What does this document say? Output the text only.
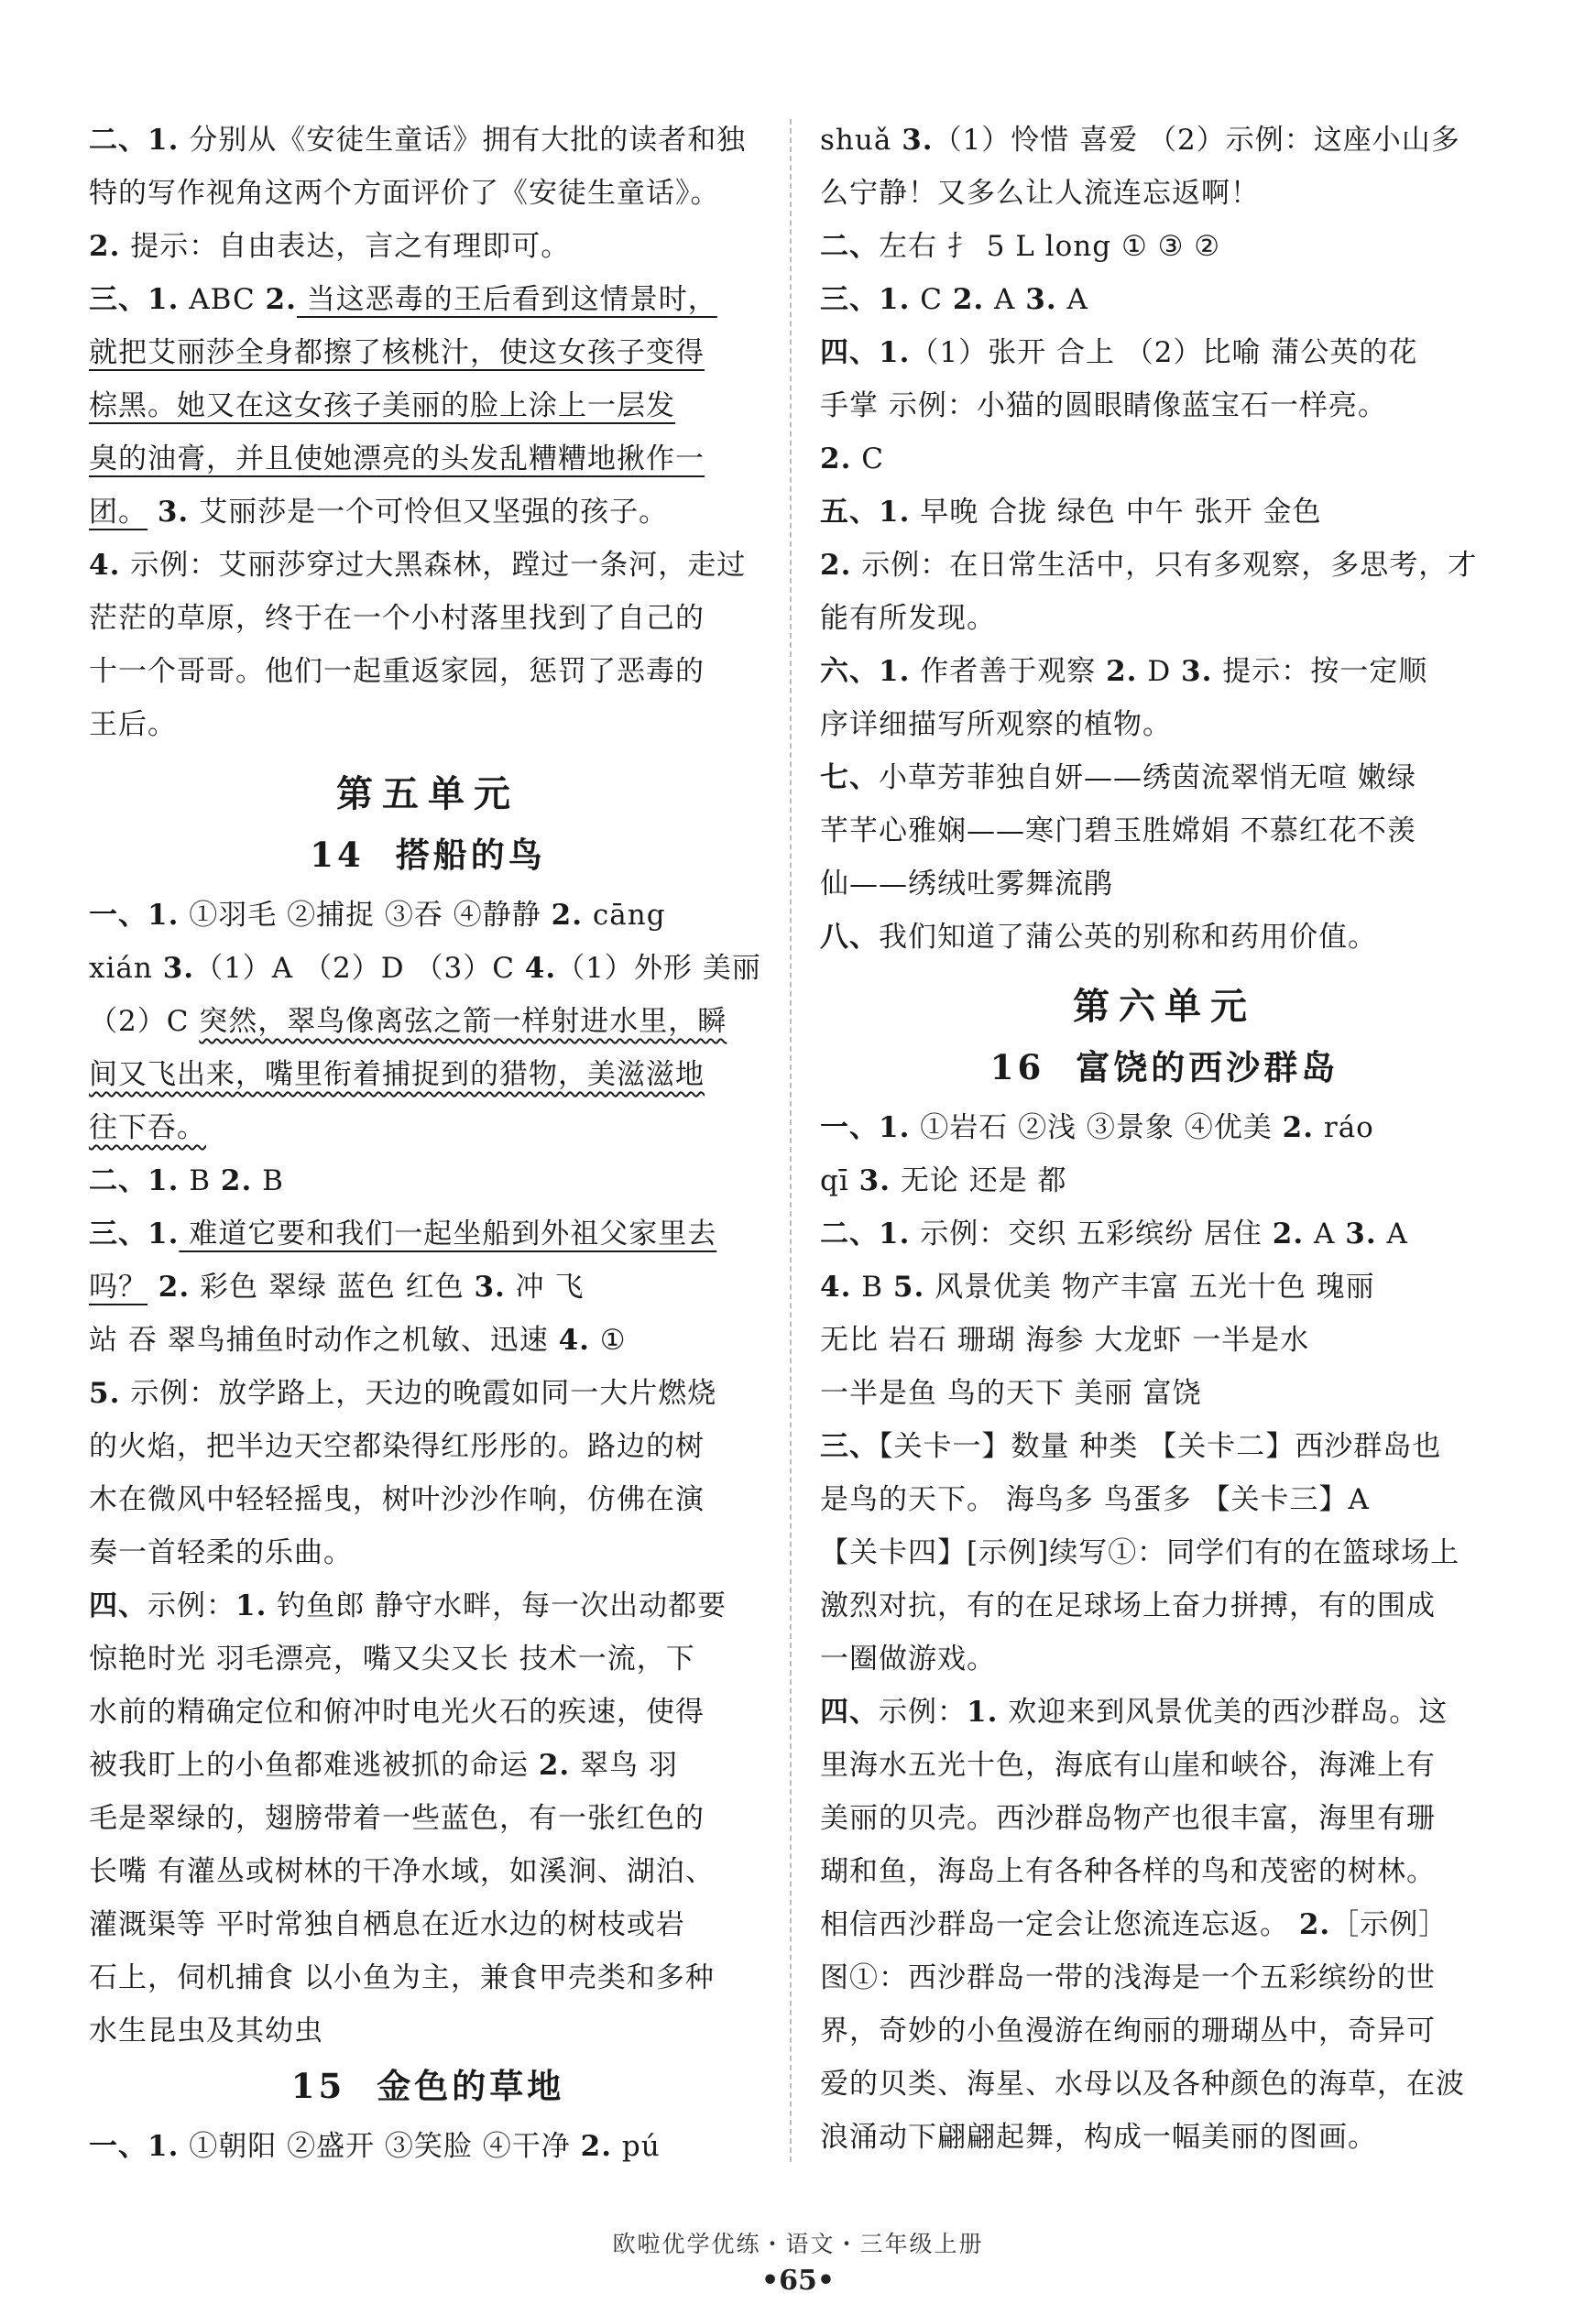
二、1. 分别从《安徒生童话》拥有大批的读者和独

特的写作视角这两个方面评价了《安徒生童话》。

2. 提示：自由表达，言之有理即可。

三、1. ABC 2. 当这恶毒的王后看到这情景时，

就把艾丽莎全身都擦了核桃汁，使这女孩子变得

棕黑。她又在这女孩子美丽的脸上涂上一层发

臭的油膏，并且使她漂亮的头发乱糟糟地揪作一

团。 3. 艾丽莎是一个可怜但又坚强的孩子。

4. 示例：艾丽莎穿过大黑森林，蹚过一条河，走过

茫茫的草原，终于在一个小村落里找到了自己的

十一个哥哥。他们一起重返家园，惩罚了恶毒的

王后。

第五单元
14 搭船的鸟

一、1. ①羽毛 ②捕捉 ③吞 ④静静 2. cāng

xián 3.（1）A （2）D （3）C 4.（1）外形 美丽

（2）C 突然，翠鸟像离弦之箭一样射进水里，瞬

间又飞出来，嘴里衔着捕捉到的猎物，美滋滋地

往下吞。

二、1. B 2. B

三、1. 难道它要和我们一起坐船到外祖父家里去

吗？ 2. 彩色 翠绿 蓝色 红色 3. 冲 飞

站 吞 翠鸟捕鱼时动作之机敏、迅速 4. ①

5. 示例：放学路上，天边的晚霞如同一大片燃烧

的火焰，把半边天空都染得红彤彤的。路边的树

木在微风中轻轻摇曳，树叶沙沙作响，仿佛在演

奏一首轻柔的乐曲。

四、示例：1. 钓鱼郎 静守水畔，每一次出动都要

惊艳时光 羽毛漂亮，嘴又尖又长 技术一流，下

水前的精确定位和俯冲时电光火石的疾速，使得

被我盯上的小鱼都难逃被抓的命运 2. 翠鸟 羽

毛是翠绿的，翅膀带着一些蓝色，有一张红色的

长嘴 有灌丛或树林的干净水域，如溪涧、湖泊、

灌溉渠等 平时常独自栖息在近水边的树枝或岩

石上，伺机捕食 以小鱼为主，兼食甲壳类和多种

水生昆虫及其幼虫

15 金色的草地

一、1. ①朝阳 ②盛开 ③笑脸 ④干净 2. pú

shuǎ 3.（1）怜惜 喜爱 （2）示例：这座小山多

么宁静！又多么让人流连忘返啊！

二、左右 扌 5 L long ① ③ ②

三、1. C 2. A 3. A

四、1.（1）张开 合上 （2）比喻 蒲公英的花

手掌 示例：小猫的圆眼睛像蓝宝石一样亮。

2. C

五、1. 早晚 合拢 绿色 中午 张开 金色

2. 示例：在日常生活中，只有多观察，多思考，才

能有所发现。

六、1. 作者善于观察 2. D 3. 提示：按一定顺

序详细描写所观察的植物。

七、小草芳菲独自妍——绣茵流翠悄无喧 嫩绿

芊芊心雅娴——寒门碧玉胜嫦娟 不慕红花不羡

仙——绣绒吐雾舞流鹃

八、我们知道了蒲公英的别称和药用价值。

第六单元
16 富饶的西沙群岛

一、1. ①岩石 ②浅 ③景象 ④优美 2. ráo

qī 3. 无论 还是 都

二、1. 示例：交织 五彩缤纷 居住 2. A 3. A

4. B 5. 风景优美 物产丰富 五光十色 瑰丽

无比 岩石 珊瑚 海参 大龙虾 一半是水

一半是鱼 鸟的天下 美丽 富饶

三、【关卡一】数量 种类 【关卡二】西沙群岛也

是鸟的天下。 海鸟多 鸟蛋多 【关卡三】A

【关卡四】[示例]续写①：同学们有的在篮球场上

激烈对抗，有的在足球场上奋力拼搏，有的围成

一圈做游戏。

四、示例：1. 欢迎来到风景优美的西沙群岛。这

里海水五光十色，海底有山崖和峡谷，海滩上有

美丽的贝壳。西沙群岛物产也很丰富，海里有珊

瑚和鱼，海岛上有各种各样的鸟和茂密的树林。

相信西沙群岛一定会让您流连忘返。 2.［示例］

图①：西沙群岛一带的浅海是一个五彩缤纷的世

界，奇妙的小鱼漫游在绚丽的珊瑚丛中，奇异可

爱的贝类、海星、水母以及各种颜色的海草，在波

浪涌动下翩翩起舞，构成一幅美丽的图画。

欧啦优学优练・语文・三年级上册
•65•
